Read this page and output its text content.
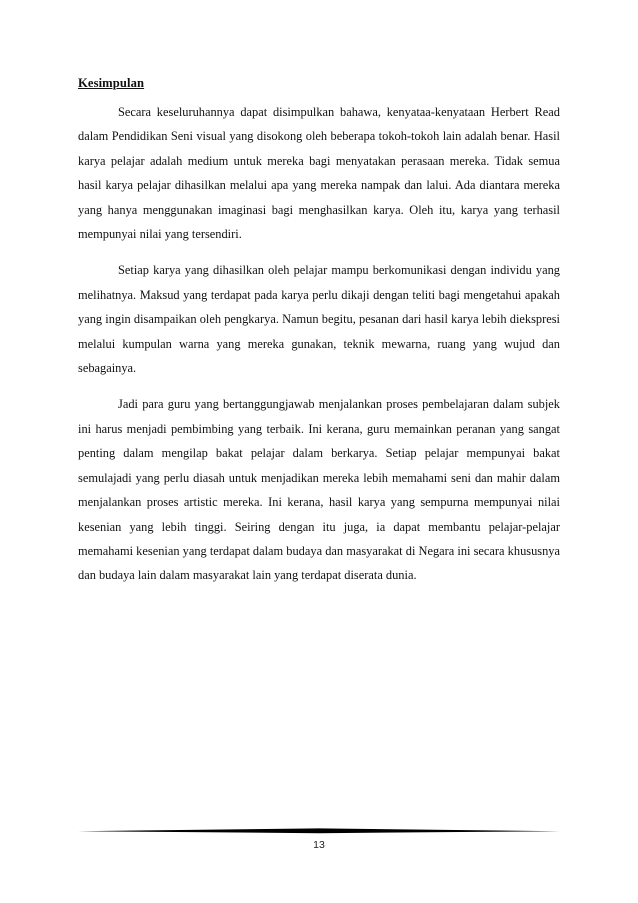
Kesimpulan

Secara keseluruhannya dapat disimpulkan bahawa, kenyataa-kenyataan Herbert Read dalam Pendidikan Seni visual yang disokong oleh beberapa tokoh-tokoh lain adalah benar. Hasil karya pelajar adalah medium untuk mereka bagi menyatakan perasaan mereka. Tidak semua hasil karya pelajar dihasilkan melalui apa yang mereka nampak dan lalui. Ada diantara mereka yang hanya menggunakan imaginasi bagi menghasilkan karya. Oleh itu, karya yang terhasil mempunyai nilai yang tersendiri.

Setiap karya yang dihasilkan oleh pelajar mampu berkomunikasi dengan individu yang melihatnya. Maksud yang terdapat pada karya perlu dikaji dengan teliti bagi mengetahui apakah yang ingin disampaikan oleh pengkarya. Namun begitu, pesanan dari hasil karya lebih diekspresi melalui kumpulan warna yang mereka gunakan, teknik mewarna, ruang yang wujud dan sebagainya.

Jadi para guru yang bertanggungjawab menjalankan proses pembelajaran dalam subjek ini harus menjadi pembimbing yang terbaik. Ini kerana, guru memainkan peranan yang sangat penting dalam mengilap bakat pelajar dalam berkarya. Setiap pelajar mempunyai bakat semulajadi yang perlu diasah untuk menjadikan mereka lebih memahami seni dan mahir dalam menjalankan proses artistic mereka. Ini kerana, hasil karya yang sempurna mempunyai nilai kesenian yang lebih tinggi. Seiring dengan itu juga, ia dapat membantu pelajar-pelajar memahami kesenian yang terdapat dalam budaya dan masyarakat di Negara ini secara khususnya dan budaya lain dalam masyarakat lain yang terdapat diserata dunia.

13
